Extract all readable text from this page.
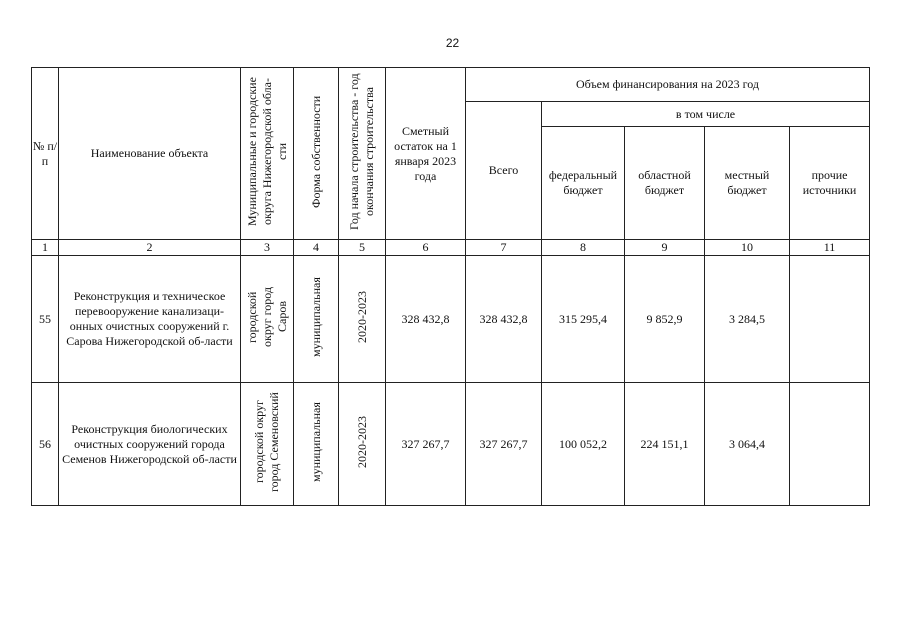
22
№ п/п	Наименование объекта	Муниципальные и городские округа Нижегородской обла-сти	Форма собственности	Год начала строительства - год окончания строительства	Сметный остаток на 1 января 2023 года	Объем финансирования на 2023 год				
						Всего	в том числе			
							федеральный бюджет	областной бюджет	местный бюджет	прочие источники
1	2	3	4	5	6	7	8	9	10	11
55	Реконструкция и техническое перевооружение канализаци-онных очистных сооружений г. Сарова Нижегородской об-ласти	городской округ город Саров	муниципальная	2020-2023	328 432,8	328 432,8	315 295,4	9 852,9	3 284,5	
56	Реконструкция биологических очистных сооружений города Семенов Нижегородской об-ласти	городской округ город Семеновский	муниципальная	2020-2023	327 267,7	327 267,7	100 052,2	224 151,1	3 064,4	
